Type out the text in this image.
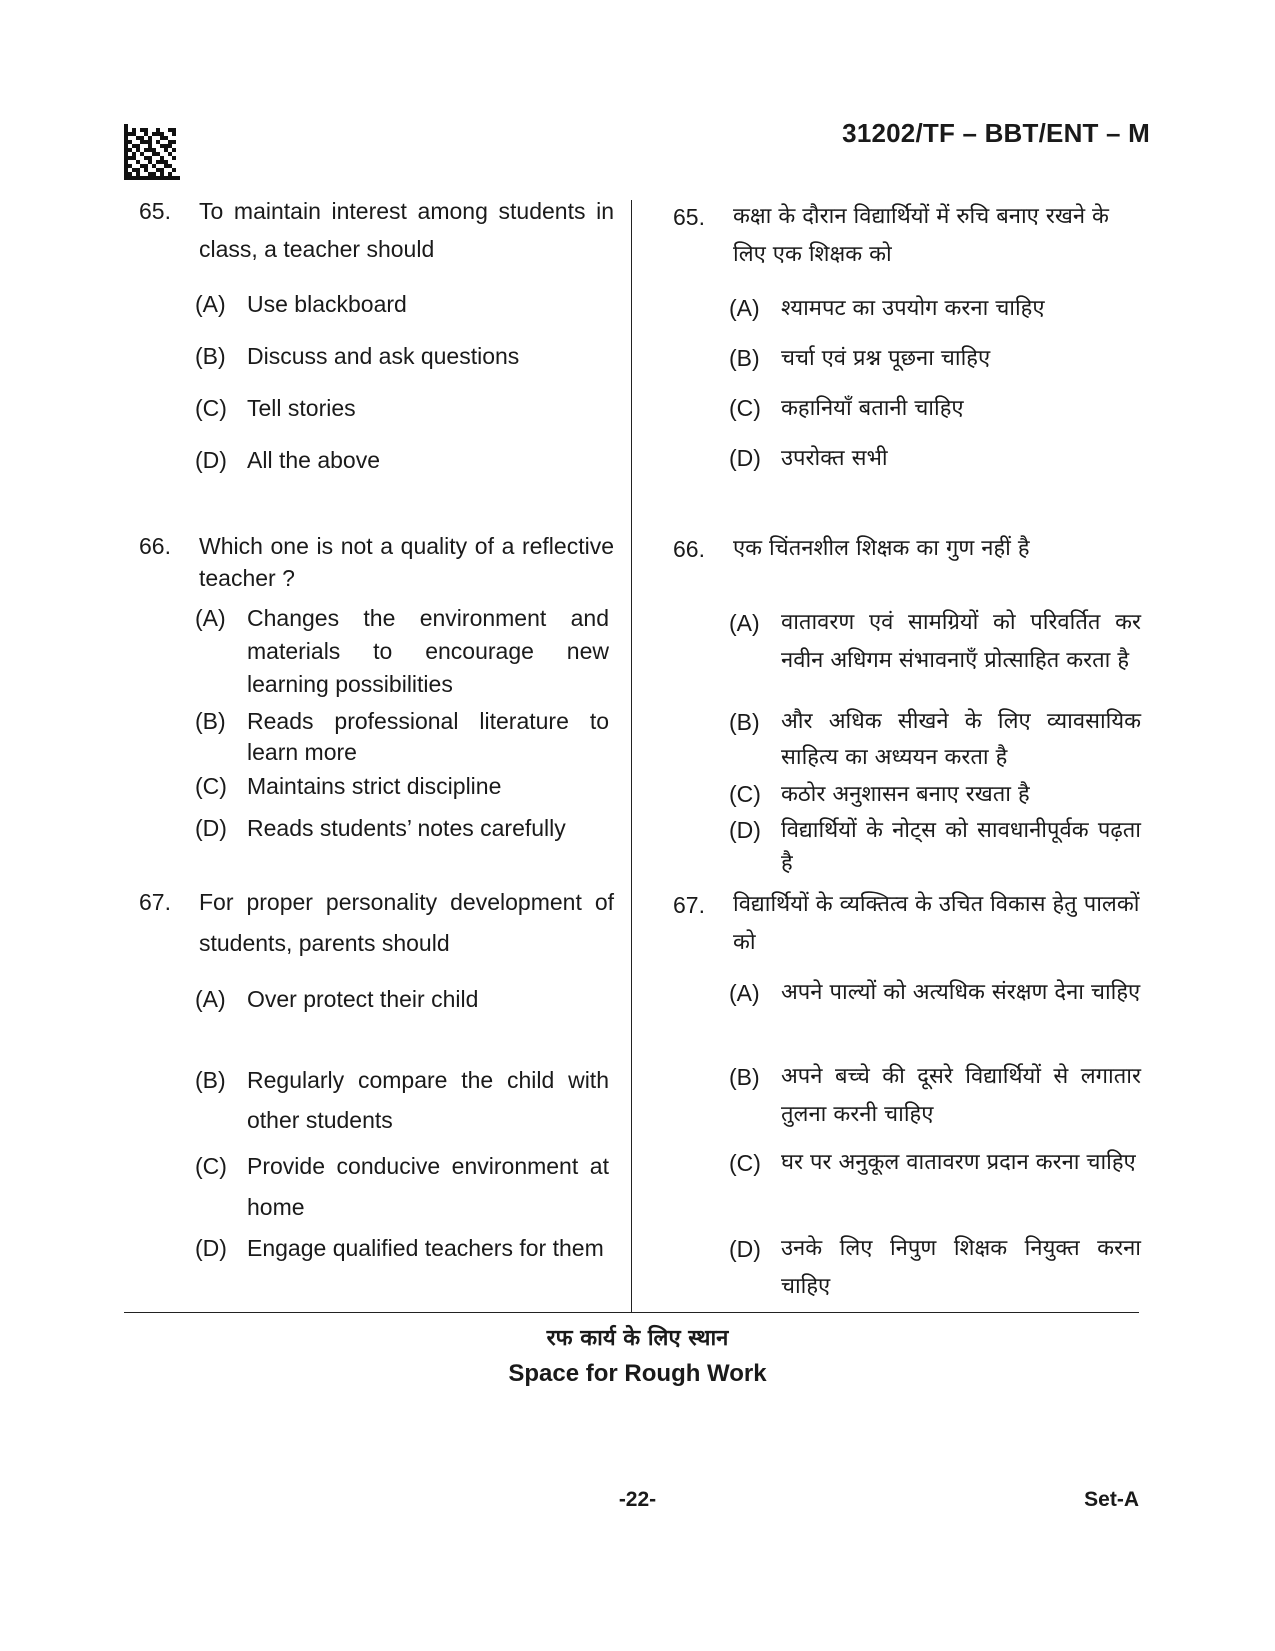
31202/TF – BBT/ENT – M
65. To maintain interest among students in class, a teacher should
(A) Use blackboard
(B) Discuss and ask questions
(C) Tell stories
(D) All the above
66. Which one is not a quality of a reflective teacher ?
(A) Changes the environment and materials to encourage new learning possibilities
(B) Reads professional literature to learn more
(C) Maintains strict discipline
(D) Reads students’ notes carefully
67. For proper personality development of students, parents should
(A) Over protect their child
(B) Regularly compare the child with other students
(C) Provide conducive environment at home
(D) Engage qualified teachers for them
65. कक्षा के दौरान विद्यार्थियों में रुचि बनाए रखने के लिए एक शिक्षक को
(A) श्यामपट का उपयोग करना चाहिए
(B) चर्चा एवं प्रश्न पूछना चाहिए
(C) कहानियाँ बतानी चाहिए
(D) उपरोक्त सभी
66. एक चिंतनशील शिक्षक का गुण नहीं है
(A) वातावरण एवं सामग्रियों को परिवर्तित कर नवीन अधिगम संभावनाएँ प्रोत्साहित करता है
(B) और अधिक सीखने के लिए व्यावसायिक साहित्य का अध्ययन करता है
(C) कठोर अनुशासन बनाए रखता है
(D) विद्यार्थियों के नोट्स को सावधानीपूर्वक पढ़ता है
67. विद्यार्थियों के व्यक्तित्व के उचित विकास हेतु पालकों को
(A) अपने पाल्यों को अत्यधिक संरक्षण देना चाहिए
(B) अपने बच्चे की दूसरे विद्यार्थियों से लगातार तुलना करनी चाहिए
(C) घर पर अनुकूल वातावरण प्रदान करना चाहिए
(D) उनके लिए निपुण शिक्षक नियुक्त करना चाहिए
रफ कार्य के लिए स्थान
Space for Rough Work
-22-	Set-A
